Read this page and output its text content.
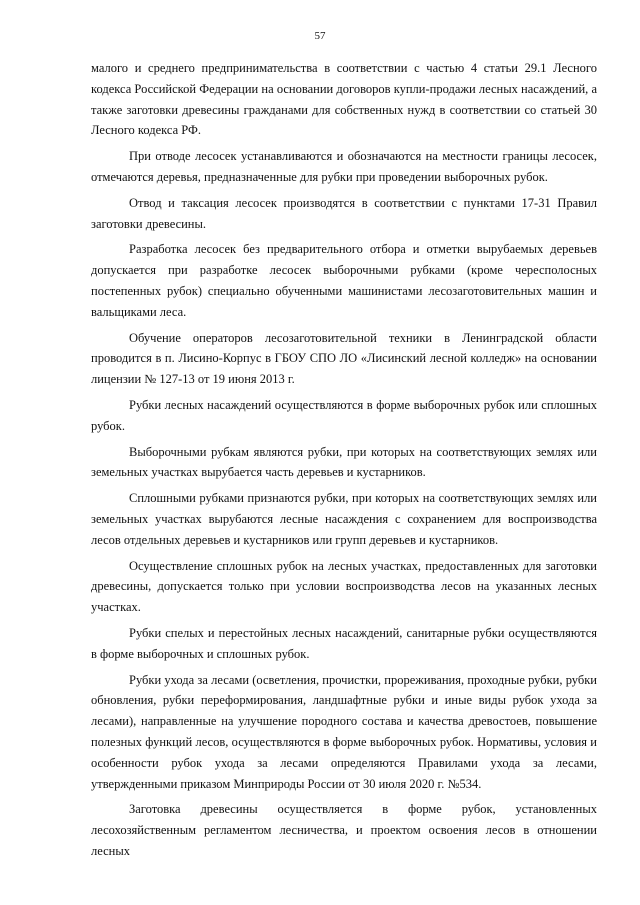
57

малого и среднего предпринимательства в соответствии с частью 4 статьи 29.1 Лесного кодекса Российской Федерации на основании договоров купли-продажи лесных насаждений, а также заготовки древесины гражданами для собственных нужд в соответствии со статьей 30 Лесного кодекса РФ.

При отводе лесосек устанавливаются и обозначаются на местности границы лесосек, отмечаются деревья, предназначенные для рубки при проведении выборочных рубок.

Отвод и таксация лесосек производятся в соответствии с пунктами 17-31 Правил заготовки древесины.

Разработка лесосек без предварительного отбора и отметки вырубаемых деревьев допускается при разработке лесосек выборочными рубками (кроме чересполосных постепенных рубок) специально обученными машинистами лесозаготовительных машин и вальщиками леса.

Обучение операторов лесозаготовительной техники в Ленинградской области проводится в п. Лисино-Корпус в ГБОУ СПО ЛО «Лисинский лесной колледж» на основании лицензии № 127-13 от 19 июня 2013 г.

Рубки лесных насаждений осуществляются в форме выборочных рубок или сплошных рубок.

Выборочными рубкам являются рубки, при которых на соответствующих землях или земельных участках вырубается часть деревьев и кустарников.

Сплошными рубками признаются рубки, при которых на соответствующих землях или земельных участках вырубаются лесные насаждения с сохранением для воспроизводства лесов отдельных деревьев и кустарников или групп деревьев и кустарников.

Осуществление сплошных рубок на лесных участках, предоставленных для заготовки древесины, допускается только при условии воспроизводства лесов на указанных лесных участках.

Рубки спелых и перестойных лесных насаждений, санитарные рубки осуществляются в форме выборочных и сплошных рубок.

Рубки ухода за лесами (осветления, прочистки, прореживания, проходные рубки, рубки обновления, рубки переформирования, ландшафтные рубки и иные виды рубок ухода за лесами), направленные на улучшение породного состава и качества древостоев, повышение полезных функций лесов, осуществляются в форме выборочных рубок. Нормативы, условия и особенности рубок ухода за лесами определяются Правилами ухода за лесами, утвержденными приказом Минприроды России от 30 июля 2020 г. №534.

Заготовка древесины осуществляется в форме рубок, установленных лесохозяйственным регламентом лесничества, и проектом освоения лесов в отношении лесных
